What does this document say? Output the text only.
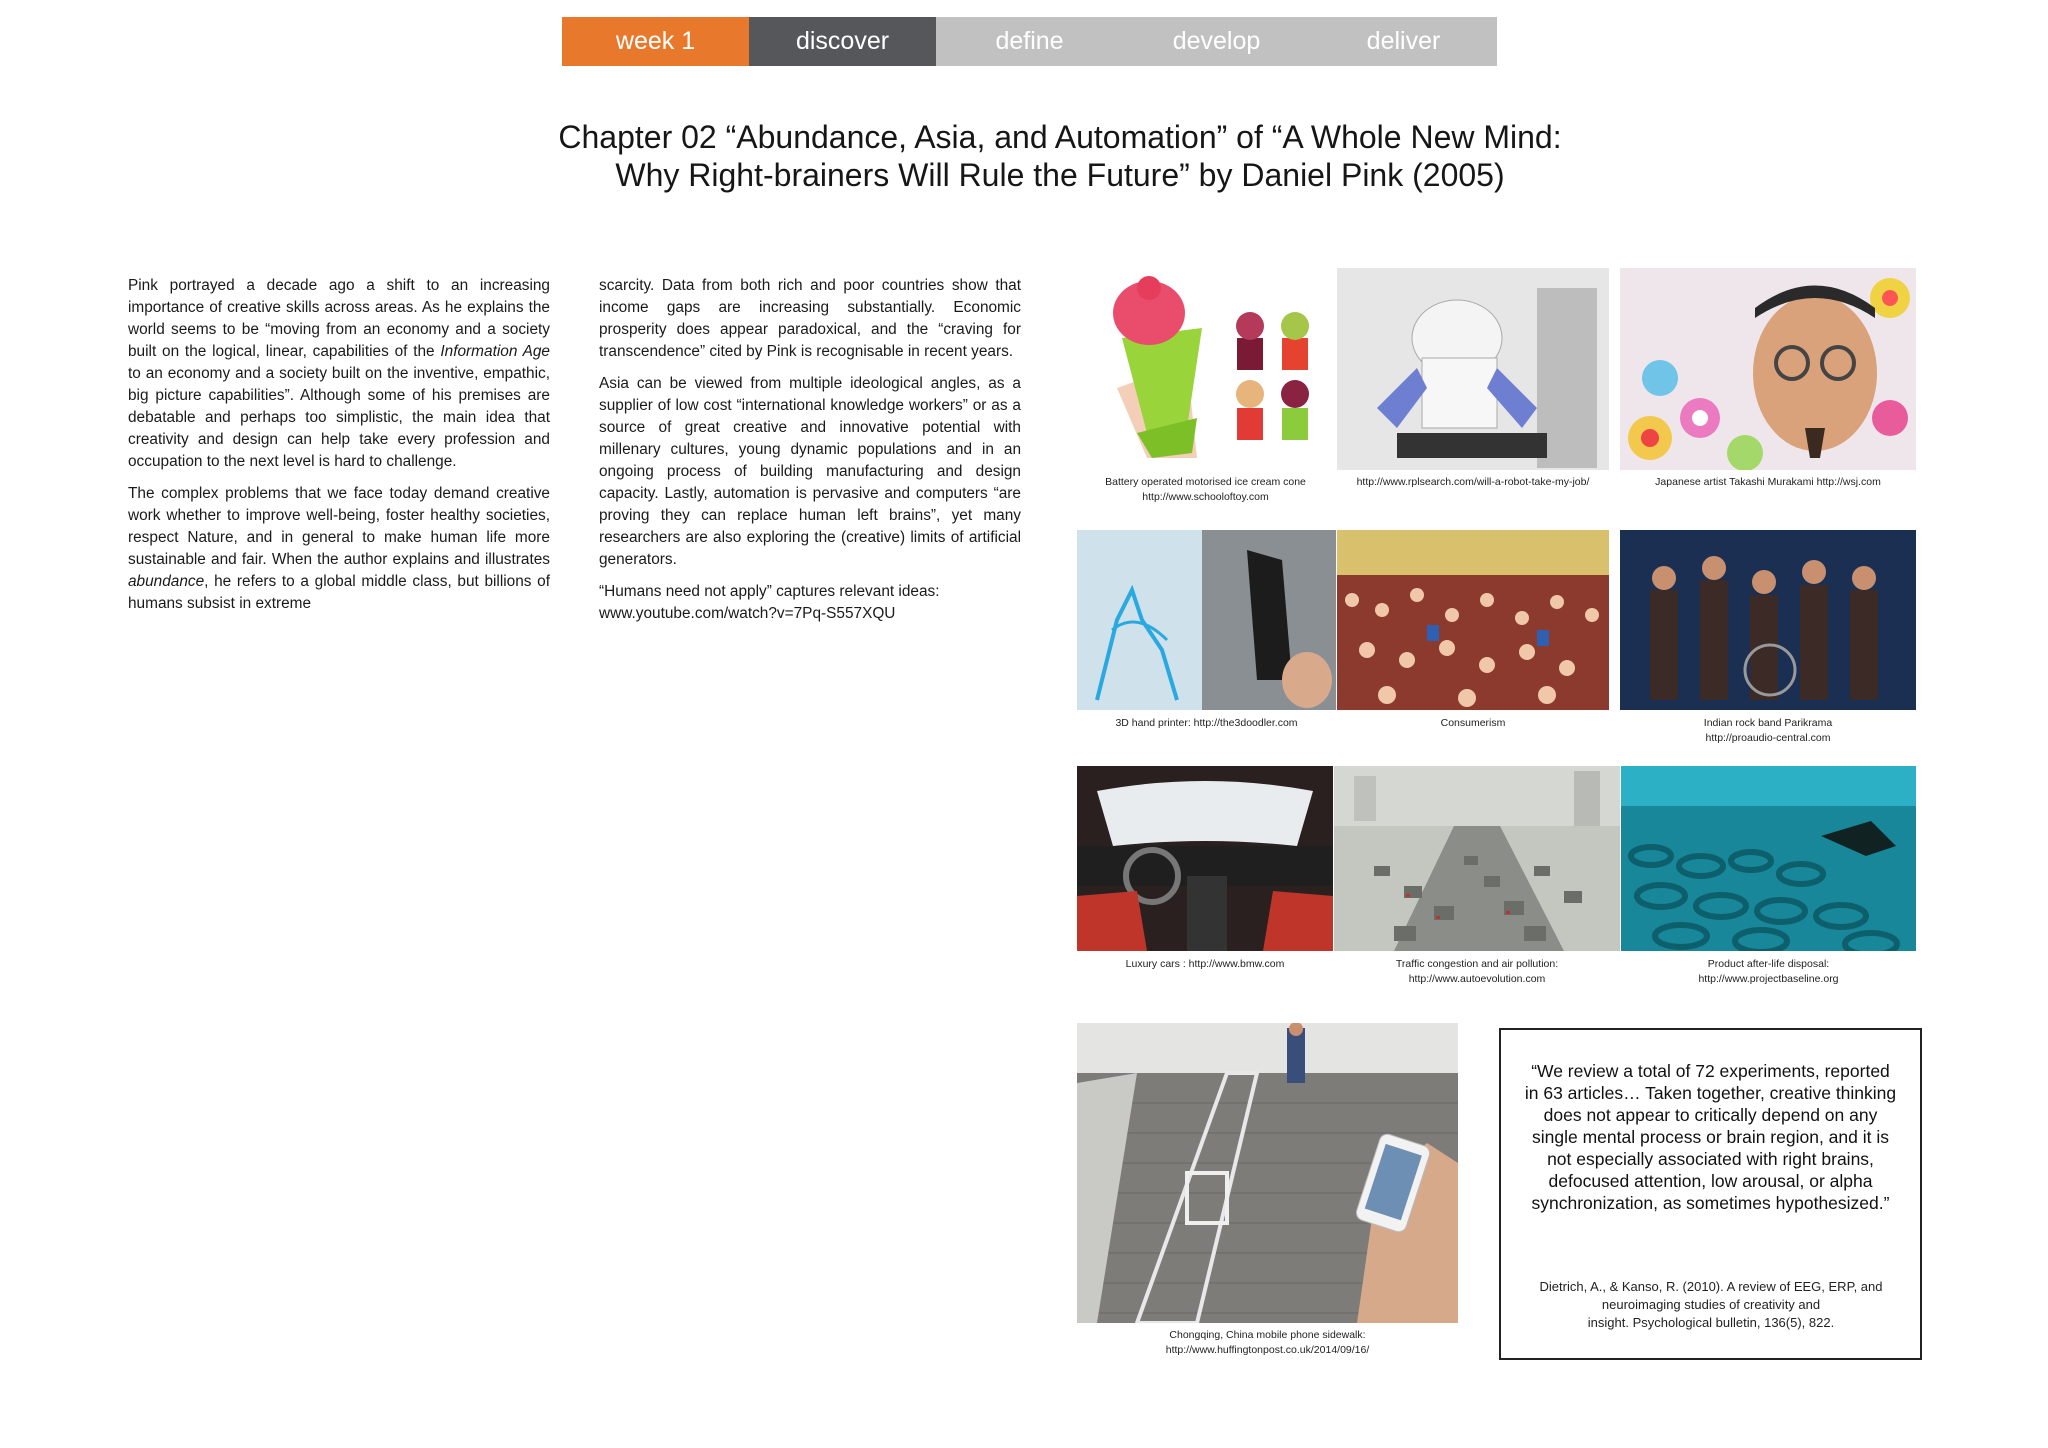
week 1	discover	define	develop	deliver
Chapter 02 “Abundance, Asia, and Automation” of “A Whole New Mind:
Why Right-brainers Will Rule the Future” by Daniel Pink (2005)

Pink portrayed a decade ago a shift to an increasing importance of creative skills across areas. As he explains the world seems to be “moving from an economy and a society built on the logical, linear, capabilities of the Information Age to an economy and a society built on the inventive, empathic, big picture capabilities”. Although some of his premises are debatable and perhaps too simplistic, the main idea that creativity and design can help take every profession and occupation to the next level is hard to challenge.

The complex problems that we face today demand creative work whether to improve well-being, foster healthy societies, respect Nature, and in general to make human life more sustainable and fair. When the author explains and illustrates abundance, he refers to a global middle class, but billions of humans subsist in extreme

scarcity. Data from both rich and poor countries show that income gaps are increasing substantially. Economic prosperity does appear paradoxical, and the “craving for transcendence” cited by Pink is recognisable in recent years.

Asia can be viewed from multiple ideological angles, as a supplier of low cost “international knowledge workers” or as a source of great creative and innovative potential with millenary cultures, young dynamic populations and in an ongoing process of building manufacturing and design capacity. Lastly, automation is pervasive and computers “are proving they can replace human left brains”, yet many researchers are also exploring the (creative) limits of artificial generators.

“Humans need not apply” captures relevant ideas: www.youtube.com/watch?v=7Pq-S557XQU

Battery operated motorised ice cream cone
http://www.schooloftoy.com
http://www.rplsearch.com/will-a-robot-take-my-job/	Japanese artist Takashi Murakami http://wsj.com
3D hand printer: http://the3doodler.com	Consumerism	Indian rock band Parikrama
http://proaudio-central.com
Luxury cars : http://www.bmw.com	Traffic congestion and air pollution:
http://www.autoevolution.com
Product after-life disposal:
http://www.projectbaseline.org
Chongqing, China mobile phone sidewalk:
http://www.huffingtonpost.co.uk/2014/09/16/
“We review a total of 72 experiments, reported in 63 articles… Taken together, creative thinking does not appear to critically depend on any single mental process or brain region, and it is not especially associated with right brains, defocused attention, low arousal, or alpha synchronization, as sometimes hypothesized.”
Dietrich, A., & Kanso, R. (2010). A review of EEG, ERP, and
neuroimaging studies of creativity and
insight. Psychological bulletin, 136(5), 822.
